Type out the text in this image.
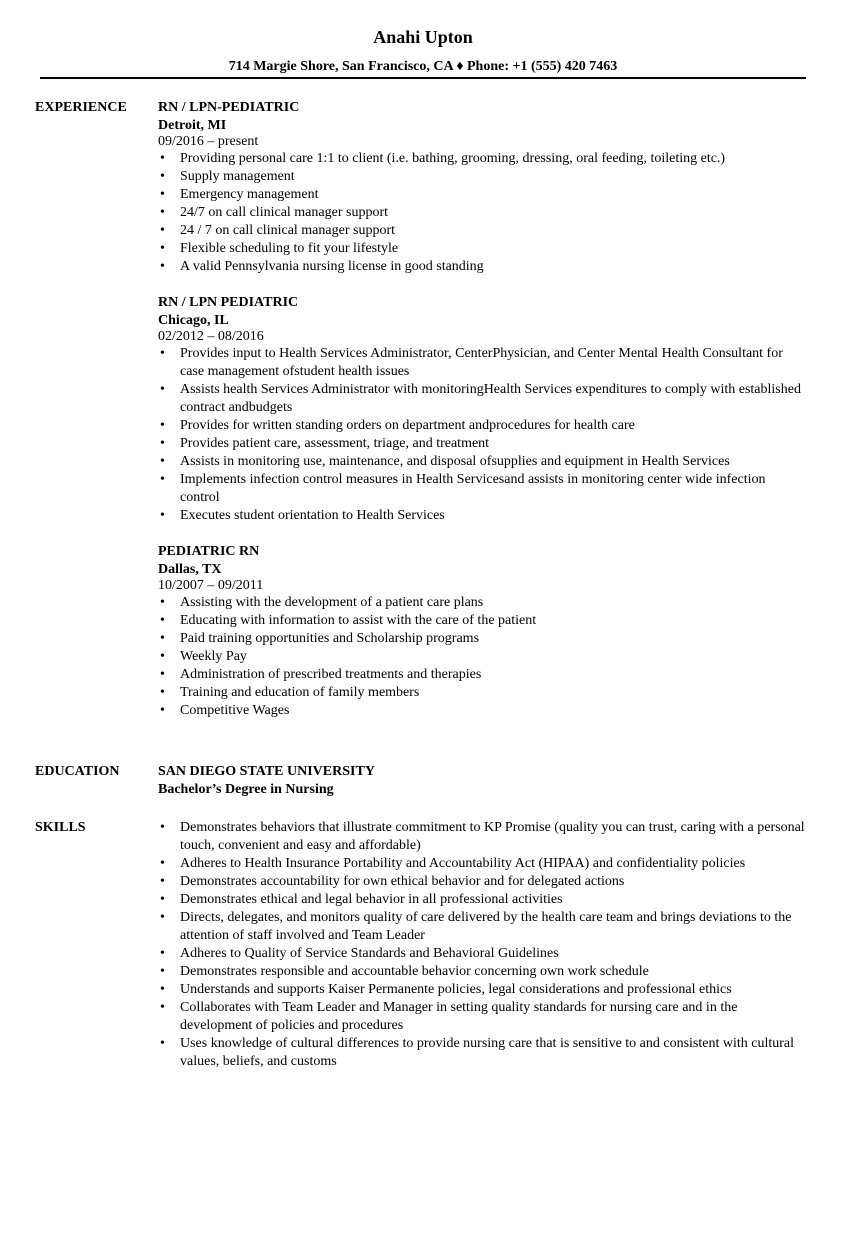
Anahi Upton
714 Margie Shore, San Francisco, CA ♦ Phone: +1 (555) 420 7463
EXPERIENCE RN / LPN-PEDIATRIC
Detroit, MI
09/2016 – present
• Providing personal care 1:1 to client (i.e. bathing, grooming, dressing, oral feeding, toileting etc.)
• Supply management
• Emergency management
• 24/7 on call clinical manager support
• 24 / 7 on call clinical manager support
• Flexible scheduling to fit your lifestyle
• A valid Pennsylvania nursing license in good standing
RN / LPN PEDIATRIC
Chicago, IL
02/2012 – 08/2016
• Provides input to Health Services Administrator, CenterPhysician, and Center Mental Health Consultant for case management ofstudent health issues
• Assists health Services Administrator with monitoringHealth Services expenditures to comply with established contract andbudgets
• Provides for written standing orders on department andprocedures for health care
• Provides patient care, assessment, triage, and treatment
• Assists in monitoring use, maintenance, and disposal ofsupplies and equipment in Health Services
• Implements infection control measures in Health Servicesand assists in monitoring center wide infection control
• Executes student orientation to Health Services
PEDIATRIC RN
Dallas, TX
10/2007 – 09/2011
• Assisting with the development of a patient care plans
• Educating with information to assist with the care of the patient
• Paid training opportunities and Scholarship programs
• Weekly Pay
• Administration of prescribed treatments and therapies
• Training and education of family members
• Competitive Wages
EDUCATION	SAN DIEGO STATE UNIVERSITY
Bachelor’s Degree in Nursing
SKILLS
•	Demonstrates behaviors that illustrate commitment to KP Promise (quality you can trust, caring with a personal touch, convenient and easy and affordable)
• Adheres to Health Insurance Portability and Accountability Act (HIPAA) and confidentiality policies
• Demonstrates accountability for own ethical behavior and for delegated actions
• Demonstrates ethical and legal behavior in all professional activities
• Directs, delegates, and monitors quality of care delivered by the health care team and brings deviations to the attention of staff involved and Team Leader
• Adheres to Quality of Service Standards and Behavioral Guidelines
• Demonstrates responsible and accountable behavior concerning own work schedule
• Understands and supports Kaiser Permanente policies, legal considerations and professional ethics
• Collaborates with Team Leader and Manager in setting quality standards for nursing care and in the development of policies and procedures
• Uses knowledge of cultural differences to provide nursing care that is sensitive to and consistent with cultural values, beliefs, and customs
